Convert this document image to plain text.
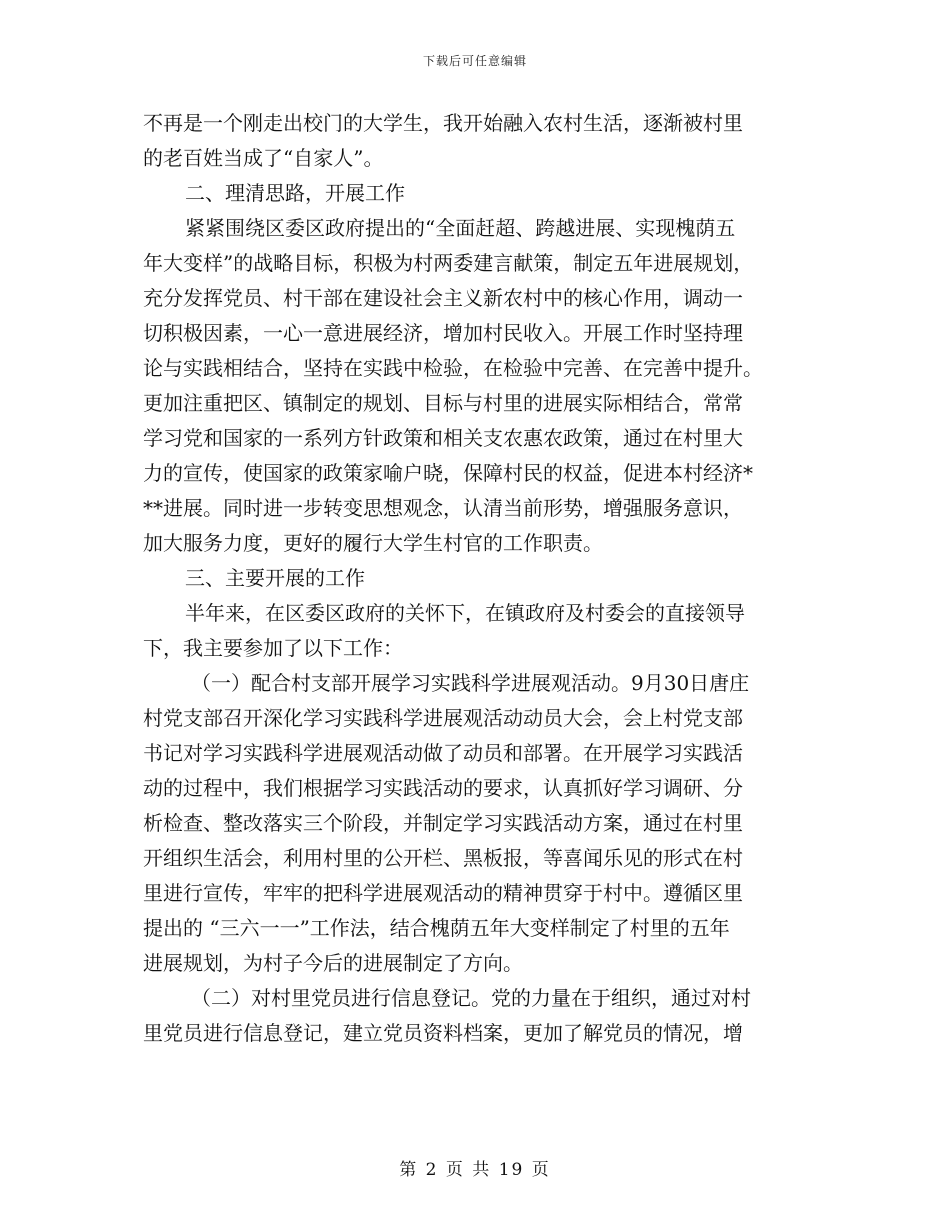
下载后可任意编辑
不再是一个刚走出校门的大学生，我开始融入农村生活，逐渐被村里
的老百姓当成了“自家人”。
二、理清思路，开展工作
紧紧围绕区委区政府提出的“全面赶超、跨越进展、实现槐荫五
年大变样”的战略目标，积极为村两委建言献策，制定五年进展规划，
充分发挥党员、村干部在建设社会主义新农村中的核心作用，调动一
切积极因素，一心一意进展经济，增加村民收入。开展工作时坚持理
论与实践相结合，坚持在实践中检验，在检验中完善、在完善中提升。
更加注重把区、镇制定的规划、目标与村里的进展实际相结合，常常
学习党和国家的一系列方针政策和相关支农惠农政策，通过在村里大
力的宣传，使国家的政策家喻户晓，保障村民的权益，促进本村经济*
**进展。同时进一步转变思想观念，认清当前形势，增强服务意识，
加大服务力度，更好的履行大学生村官的工作职责。
三、主要开展的工作
半年来，在区委区政府的关怀下，在镇政府及村委会的直接领导
下，我主要参加了以下工作：
（一）配合村支部开展学习实践科学进展观活动。9月30日唐庄
村党支部召开深化学习实践科学进展观活动动员大会，会上村党支部
书记对学习实践科学进展观活动做了动员和部署。在开展学习实践活
动的过程中，我们根据学习实践活动的要求，认真抓好学习调研、分
析检查、整改落实三个阶段，并制定学习实践活动方案，通过在村里
开组织生活会，利用村里的公开栏、黑板报，等喜闻乐见的形式在村
里进行宣传，牢牢的把科学进展观活动的精神贯穿于村中。遵循区里
提出的 “三六一一”工作法，结合槐荫五年大变样制定了村里的五年
进展规划，为村子今后的进展制定了方向。
（二）对村里党员进行信息登记。党的力量在于组织，通过对村
里党员进行信息登记，建立党员资料档案，更加了解党员的情况，增
第 2 页 共 19 页
